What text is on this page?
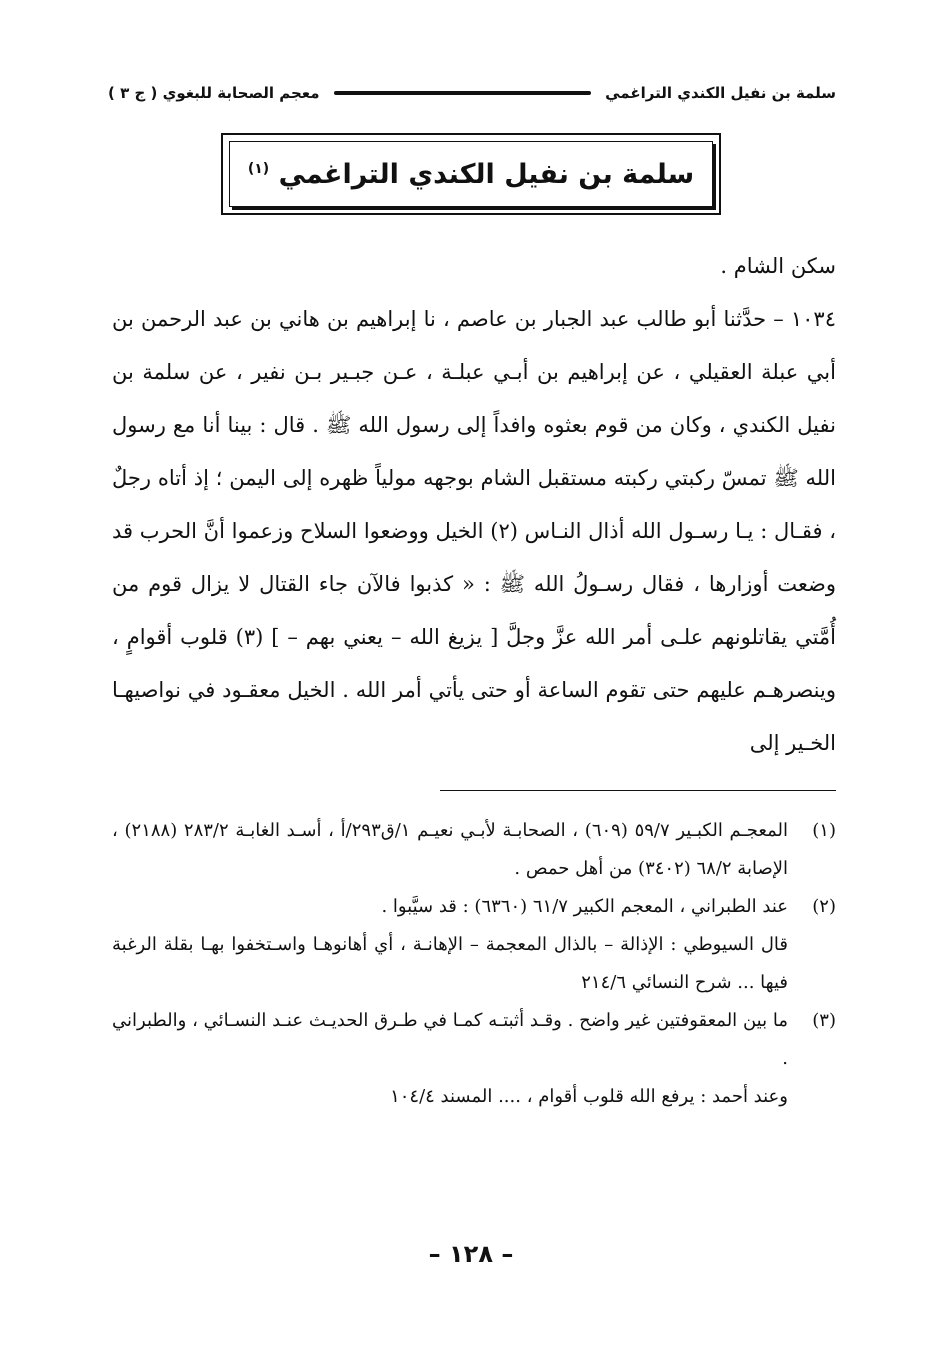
سلمة بن نفيل الكندي التراغمي
معجم الصحابة للبغوي ( ج ٣ )
سلمة بن نفيل الكندي التراغمي $^{(١)}$

سكن الشام .

١٠٣٤ – حدَّثنا أبو طالب عبد الجبار بن عاصم ، نا إبراهيم بن هاني بن عبد الرحمن بن أبي عبلة العقيلي ، عن إبراهيم بن أبـي عبلـة ، عـن جبـير بـن نفير ، عن سلمة بن نفيل الكندي ، وكان من قوم بعثوه وافداً إلى رسول الله ﷺ . قال : بينا أنا مع رسول الله ﷺ تمسّ ركبتي ركبته مستقبل الشام بوجهه مولياً ظهره إلى اليمن ؛ إذ أتاه رجلٌ ، فقـال : يـا رسـول الله أذال النـاس (٢) الخيل ووضعوا السلاح وزعموا أنَّ الحرب قد وضعت أوزارها ، فقال رسـولُ الله ﷺ : « كذبوا فالآن جاء القتال لا يزال قوم من أُمَّتي يقاتلونهم علـى أمر الله عزَّ وجلَّ [ يزيغ الله – يعني بهم – ] (٣) قلوب أقوامٍ ، وينصرهـم عليهم حتى تقوم الساعة أو حتى يأتي أمر الله . الخيل معقـود في نواصيهـا الخـير إلى

(١)
المعجـم الكبـير ٥٩/٧ (٦٠٩) ، الصحابـة لأبـي نعيـم ١/ق٢٩٣/أ ، أسـد الغابـة ٢٨٣/٢ (٢١٨٨) ، الإصابة ٦٨/٢ (٣٤٠٢) من أهل حمص .
(٢)
عند الطبراني ، المعجم الكبير ٦١/٧ (٦٣٦٠) : قد سيَّبوا .

قال السيوطي : الإذالة – بالذال المعجمة – الإهانـة ، أي أهانوهـا واسـتخفوا بهـا بقلة الرغبة فيها ... شرح النسائي ٢١٤/٦

(٣)
ما بين المعقوفتين غير واضح . وقـد أثبتـه كمـا في طـرق الحديـث عنـد النسـائي ، والطبراني .

وعند أحمد : يرفع الله قلوب أقوام ، .... المسند ١٠٤/٤

– ١٢٨ –
